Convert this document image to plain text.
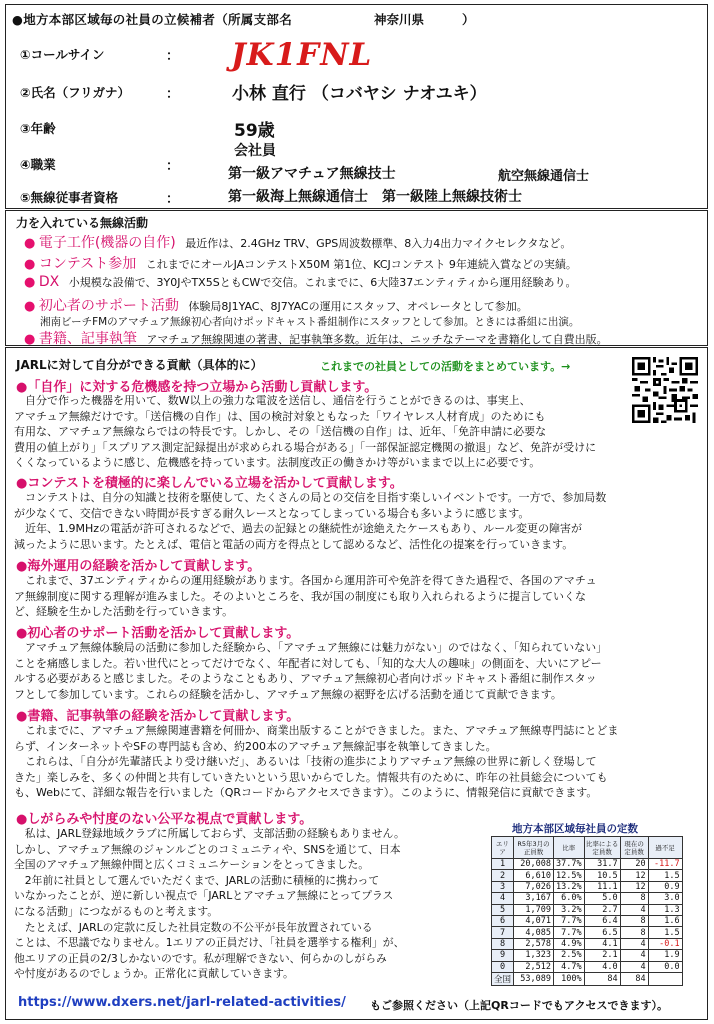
●地方本部区域毎の社員の立候補者（所属支部名	神奈川県	）
①コールサイン	： JK1FNL
②氏名（フリガナ）	：	小林 直行 （コバヤシ ナオユキ）
③年齢	59歳
会社員
④職業	：	第一級アマチュア無線技士	航空無線通信士
⑤無線従事者資格	：	第一級海上無線通信士　第一級陸上無線技術士
力を入れている無線活動
● 電子工作(機器の自作) 最近作は、2.4GHz TRV、GPS周波数標準、8入力4出力マイクセレクタなど。
● コンテスト参加 これまでにオールJAコンテストX50M 第1位、KCJコンテスト 9年連続入賞などの実績。
● DX 小規模な設備で、3Y0JやTX5SともCWで交信。これまでに、6大陸37エンティティから運用経験あり。
● 初心者のサポート活動 体験局8J1YAC、8J7YACの運用にスタッフ、オペレータとして参加。
湘南ビーチFMのアマチュア無線初心者向けポッドキャスト番組制作にスタッフとして参加。ときには番組に出演。
● 書籍、記事執筆 アマチュア無線関連の著書、記事執筆多数。近年は、ニッチなテーマを書籍化して自費出版。
JARLに対して自分ができる貢献（具体的に）	これまでの社員としての活動をまとめています。→
●「自作」に対する危機感を持つ立場から活動し貢献します。
自分で作った機器を用いて、数W以上の強力な電波を送信し、通信を行うことができるのは、事実上、
アマチュア無線だけです。「送信機の自作」は、国の検討対象ともなった「ワイヤレス人材育成」のためにも
有用な、アマチュア無線ならではの特長です。しかし、その「送信機の自作」は、近年、「免許申請に必要な
費用の値上がり」「スプリアス測定記録提出が求められる場合がある」「一部保証認定機関の撤退」など、免許が受けに
くくなっているように感じ、危機感を持っています。法制度改正の働きかけ等がいままで以上に必要です。
●コンテストを積極的に楽しんでいる立場を活かして貢献します。
コンテストは、自分の知識と技術を駆使して、たくさんの局との交信を目指す楽しいイベントです。一方で、参加局数
が少なくて、交信できない時間が長すぎる耐久レースとなってしまっている場合も多いように感じます。
近年、1.9MHzの電話が許可されるなどで、過去の記録との継続性が途絶えたケースもあり、ルール変更の障害が
減ったように思います。たとえば、電信と電話の両方を得点として認めるなど、活性化の提案を行っていきます。
●海外運用の経験を活かして貢献します。
これまで、37エンティティからの運用経験があります。各国から運用許可や免許を得てきた過程で、各国のアマチュ
ア無線制度に関する理解が進みました。そのよいところを、我が国の制度にも取り入れられるように提言していくな
ど、経験を生かした活動を行っていきます。
●初心者のサポート活動を活かして貢献します。
アマチュア無線体験局の活動に参加した経験から、「アマチュア無線には魅力がない」のではなく、「知られていない」
ことを痛感しました。若い世代にとってだけでなく、年配者に対しても、「知的な大人の趣味」の側面を、大いにアピー
ルする必要があると感じました。そのようなこともあり、アマチュア無線初心者向けポッドキャスト番組に制作スタッ
フとして参加しています。これらの経験を活かし、アマチュア無線の裾野を広げる活動を通じて貢献できます。
●書籍、記事執筆の経験を活かして貢献します。
これまでに、アマチュア無線関連書籍を何冊か、商業出版することができました。また、アマチュア無線専門誌にとどま
らず、インターネットやSFの専門誌も含め、約200本のアマチュア無線記事を執筆してきました。
これらは、「自分が先輩諸氏より受け継いだ」、あるいは「技術の進歩によりアマチュア無線の世界に新しく登場して
きた」楽しみを、多くの仲間と共有していきたいという思いからでした。情報共有のために、昨年の社員総会についても
も、Webにて、詳細な報告を行いました（QRコードからアクセスできます）。このように、情報発信に貢献できます。
●しがらみや忖度のない公平な視点で貢献します。
私は、JARL登録地域クラブに所属しておらず、支部活動の経験もありません。
しかし、アマチュア無線のジャンルごとのコミュニティや、SNSを通じて、日本
全国のアマチュア無線仲間と広くコミュニケーションをとってきました。
2年前に社員として選んでいただくまで、JARLの活動に積極的に携わって
いなかったことが、逆に新しい視点で「JARLとアマチュア無線にとってプラス
になる活動」につながるものと考えます。
たとえば、JARLの定款に反した社員定数の不公平が長年放置されている
ことは、不思議でなりません。1エリアの正員だけ、「社員を選挙する権利」が、
他エリアの正員の2/3しかないのです。私が理解できない、何らかのしがらみ
や忖度があるのでしょうか。正常化に貢献していきます。
地方本部区域毎社員の定数
エリア	R5年3月の正員数	比率	比率による定員数	現在の定員数	過不足
1	20,008	37.7%	31.7	20	-11.7
2	6,610	12.5%	10.5	12	1.5
3	7,026	13.2%	11.1	12	0.9
4	3,167	6.0%	5.0	8	3.0
5	1,709	3.2%	2.7	4	1.3
6	4,071	7.7%	6.4	8	1.6
7	4,085	7.7%	6.5	8	1.5
8	2,578	4.9%	4.1	4	-0.1
9	1,323	2.5%	2.1	4	1.9
0	2,512	4.7%	4.0	4	0.0
全国	53,089	100%	84	84	
https://www.dxers.net/jarl-related-activities/ もご参照ください（上記QRコードでもアクセスできます）。
